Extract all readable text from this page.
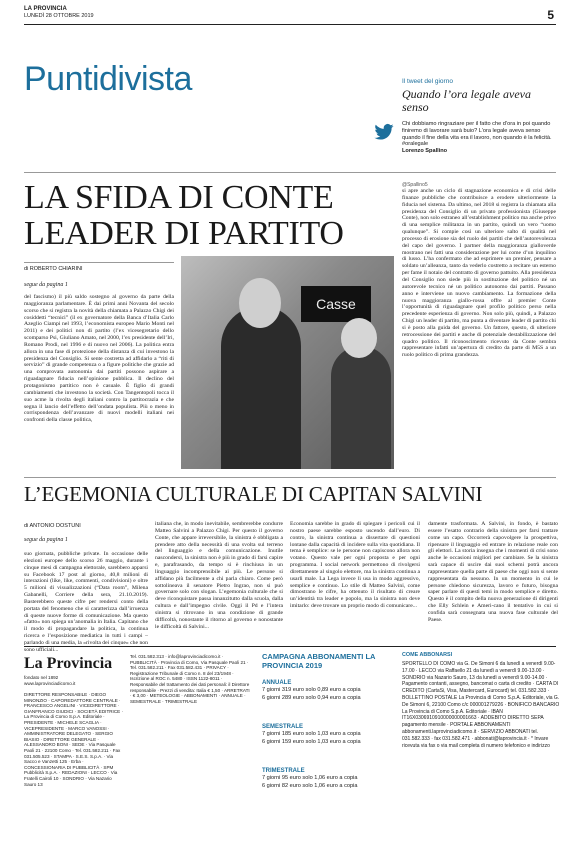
LA PROVINCIA
LUNEDÌ 28 OTTOBRE 2019	5
Puntidivista	Il tweet del giorno
Quando l’ora legale aveva senso
Chi dobbiamo ringraziare per il fatto che d’ora in poi quando finiremo di lavorare sarà buio? L’ora legale aveva senso quando il fine della vita era il lavoro, non quando è la felicità. #oralegale
Lorenzo Spallino
@Spallino5
LA SFIDA DI CONTE LEADER DI PARTITO
di ROBERTO CHIARINI
segue da pagina 1
del fascismo) il più saldo sostegno al governo da parte della maggioranza parlamentare. È dai primi anni Novanta del secolo scorso che si registra la novità della chiamata a Palazzo Chigi dei cosiddetti “tecnici” (il ex governatore della Banca d’Italia Carlo Azeglio Ciampi nel 1993, l’economista europeo Mario Monti nel 2011) e dei politici non di partito (l’ex vicesegretario dello scomparso Psi, Giuliano Amato, nel 2000, l’ex presidente dell’Iri, Romano Prodi, nel 1996 e di nuovo nel 2006). La politica entra allora in una fase di protezione della distanza di cui investono la presidenza del Consiglio. Si sente costretta ad affidarlo a “riti di servizio” di grande competenza o a figure politiche che grazie ad una comprovata autonomia dai partiti possono aspirare a riguadagnare fiducia nell’opinione pubblica. Il declino del protagonismo partitico non è casuale. È figlio di grandi cambiamenti che investono la società. Con Tangentopoli tocca il suo acme la rivolta degli italiani contro la partitocrazia e che segna il lancio dell’effetto dell’ondata populista. Più o meno in corrispondenza dell’avanzare di nuovi modelli italiani nei confronti della classe politica,
Casse
si apre anche un ciclo di stagnazione economica e di crisi delle finanze pubbliche che contribuisce a erodere ulteriormente la fiducia nel sistema. Da ultimo, nel 2018 si registra la chiamata alla presidenza del Consiglio di un privato professionista (Giuseppe Conte), non solo estraneo all’establishment politico ma anche privo di una semplice militanza in un partito, quindi un vero “uomo qualunque”. Si compie così un ulteriore salto di qualità nel processo di erosione sia del ruolo dei partiti che dell’autorevolezza del capo del governo. I partner della maggioranza gialloverde mostrano nei fatti una considerazione per lui come d’un inquilino di lusso. L’ha confermato che ad esprimere un premier, pensare a soldato un’alleanza, tanto da vederlo costretto a recitare un esterno per fame il notaio del contratto di governo pattuito. Alla presidenza del Consiglio non siede più in sostituzione del politico né un autorevole tecnico né un politico autonomo dai partiti. Passano anno e interviene un nuovo cambiamento. La formazione della nuova maggioranza giallo-rossa offre al premier Conte l’opportunità di riguadagnare quel profilo politico perso nella precedente esperienza di governo. Non solo più, quindi, a Palazzo Chigi un leader di partito, ma punta a diventare leader di partito chi si è posto alla guida del governo. Un fattore, questo, di ulteriore retrocessione dei partiti e anche di potenziale destabilizzazione del quadro politico. Il riconoscimento ricevuto da Conte sembra rappresentare infatti un’apertura di credito da parte di M5S a un ruolo politico di prima grandezza.
L’EGEMONIA CULTURALE DI CAPITAN SALVINI
di ANTONIO DOSTUNI
segue da pagina 1
suo giornata, pubbliche private. In occasione delle elezioni europee dello scorso 26 maggio, durante i cinque mesi di campagna elettorale, sarebbero apparsi su Facebook 17 post al giorno, 40,8 milioni di interazioni (like, like, commenti, condivisioni) e oltre 5 milioni di visualizzazioni (“Data room”, Milena Gabanelli, Corriere della sera, 21.10.2019). Basterebbero queste cifre per rendersi conto della portata del fenomeno che si caratterizza dall’irruenza di queste nuove forme di comunicazione. Ma questo «fatto» non spiega un’anomalia in Italia. Capitano che il modo di propagandare la politica, la continua ricerca e l’esposizione mediatica in tutti i campi – parlando di una media, la «rivolta dei cinque» che non sono ufficiali...
italiana che, in modo inevitabile, sembrerebbe condurre Matteo Salvini a Palazzo Chigi. Per questo il governo Conte, che appare irreversibile, la sinistra è obbligata a prendere atto della necessità di una svolta sul terreno del linguaggio e della comunicazione. Inutile nascondersi, la sinistra non è più in grado di farsi capire e, parafrasando, da tempo si è rinchiusa in un linguaggio incomprensibile ai più. Le persone si affidano più facilmente a chi parla chiaro. Come però sottolineava il senatore Pietro Ingrao, non si può governare solo con slogan. L’egemonia culturale che si deve riconquistare passa innanzitutto dalla scuola, dalla cultura e dall’impegno civile. Oggi il Pd e l’intera sinistra si ritrovano in una condizione di grande difficoltà, nonostante il ritorno al governo e nonostante le difficoltà di Salvini...
Economia sarebbe in grado di spiegare i pericoli cui il nostro paese sarebbe esposto uscendo dall’euro. Di contro, la sinistra continua a dissertare di questioni lontane dalla capacità di incidere sulla vita quotidiana. Il tema è semplice: se le persone non capiscono allora non votano. Questo vale per ogni proposta e per ogni programma. I social network permettono di rivolgersi direttamente al singolo elettore, ma la sinistra continua a usarli male. La Lega invece li usa in modo aggressivo, semplice e continuo. Lo stile di Matteo Salvini, come dimostrano le cifre, ha ottenuto il risultato di creare un’identità tra leader e popolo, ma la sinistra non deve imitarlo: deve trovare un proprio modo di comunicare...
damente trasformata. A Salvini, in fondo, è bastato essere l’esatto contrario della sinistra per farsi trattare come un capo. Occorrerà capovolgere la prospettiva, ripensare il linguaggio ed entrare in relazione reale con gli elettori. La storia insegna che i momenti di crisi sono anche le occasioni migliori per cambiare. Se la sinistra sarà capace di uscire dai suoi schemi potrà ancora rappresentare quella parte di paese che oggi non si sente rappresentata da nessuno. In un momento in cui le persone chiedono sicurezza, lavoro e futuro, bisogna saper parlare di questi temi in modo semplice e diretto. Questo è il compito della nuova generazione di dirigenti che Elly Schlein e Ameri-cano il tentativo in cui si confida sarà consegnata una nuova fase culturale del Paese.
La Provincia
fondato nel 1892
www.laprovinciadicomo.it
DIRETTORE RESPONSABILE · DIEGO MINONZIO · CAPOREDATTORE CENTRALE · FRANCESCO ANGELINI · VICEDIRETTORE · GIANFRANCO GIUDICI · SOCIETÀ EDITRICE · La Provincia di Como S.p.A. Editoriale · PRESIDENTE · MICHELE SCAGLIA · VICEPRESIDENTE · MARCO VANOSSI · AMMINISTRATORE DELEGATO · SERGIO BIASIO · DIRETTORE GENERALE · ALESSANDRO BONI · SEDE · Via Pasquale Paoli 21 · 22100 Como · Tel. 031.582.211 · Fax 031.505.523 · STAMPA · S.E.S. S.p.A. · Via Sacco e Vanzetti 125 · Erba · CONCESSIONARIA DI PUBBLICITÀ · SPM Pubblicità S.p.A. · REDAZIONI · LECCO · Via Fratelli Cairoli 10 · SONDRIO · Via Nazario Sauro 13
Tel. 031.582.313 · info@laprovinciadicomo.it · PUBBLICITÀ · Provincia di Como, Via Pasquale Paoli 21 · Tel. 031.582.211 · Fax 031.582.431 · PRIVACY · Registrazione Tribunale di Como n. 8 del 23/1948 · Iscrizione al ROC n. 5480 · ISSN 1122-8011 · Responsabile del trattamento dei dati personali: il Direttore responsabile · Prezzi di vendita: Italia € 1,50 · ARRETRATI · € 3,00 · METEOLOGIE · ABBONAMENTI · ANNUALE · SEMESTRALE · TRIMESTRALE
CAMPAGNA ABBONAMENTI LA PROVINCIA 2019
ANNUALE
7 giorni 319 euro solo 0,89 euro a copia
6 giorni 289 euro solo 0,94 euro a copia
SEMESTRALE
7 giorni 185 euro solo 1,03 euro a copia
6 giorni 159 euro solo 1,03 euro a copia
TRIMESTRALE
7 giorni 95 euro solo 1,06 euro a copia
6 giorni 82 euro solo 1,06 euro a copia
COME ABBONARSI
SPORTELLO DI COMO via G. De Simoni 6 da lunedì a venerdì 9.00-17.00 · LECCO via Raffaello 21 da lunedì a venerdì 9.00-13.00 · SONDRIO via Nazario Sauro, 13 da lunedì a venerdì 9.00-14.00 · Pagamento contanti, assegno, bancomat o carta di credito · CARTA DI CREDITO (CartaSi, Visa, Mastercard, Eurocard) tel. 031.582.333 · BOLLETTINO POSTALE La Provincia di Como S.p.A. Editoriale, via G. De Simoni 6, 22100 Como c/c 000001279226 · BONIFICO BANCARIO La Provincia di Como S.p.A. Editoriale · IBAN IT16X0306910910000000001663 · ADDEBITO DIRETTO SEPA pagamento mensile · PORTALE ABBONAMENTI abbonamenti.laprovinciadicomo.it · SERVIZIO ABBONATI tel. 031.582.333 · fax 031.582.471 · abbonati@laprovincia.it · * Invare ricevuta via fax o via mail completa di numero telefonico e indirizzo
